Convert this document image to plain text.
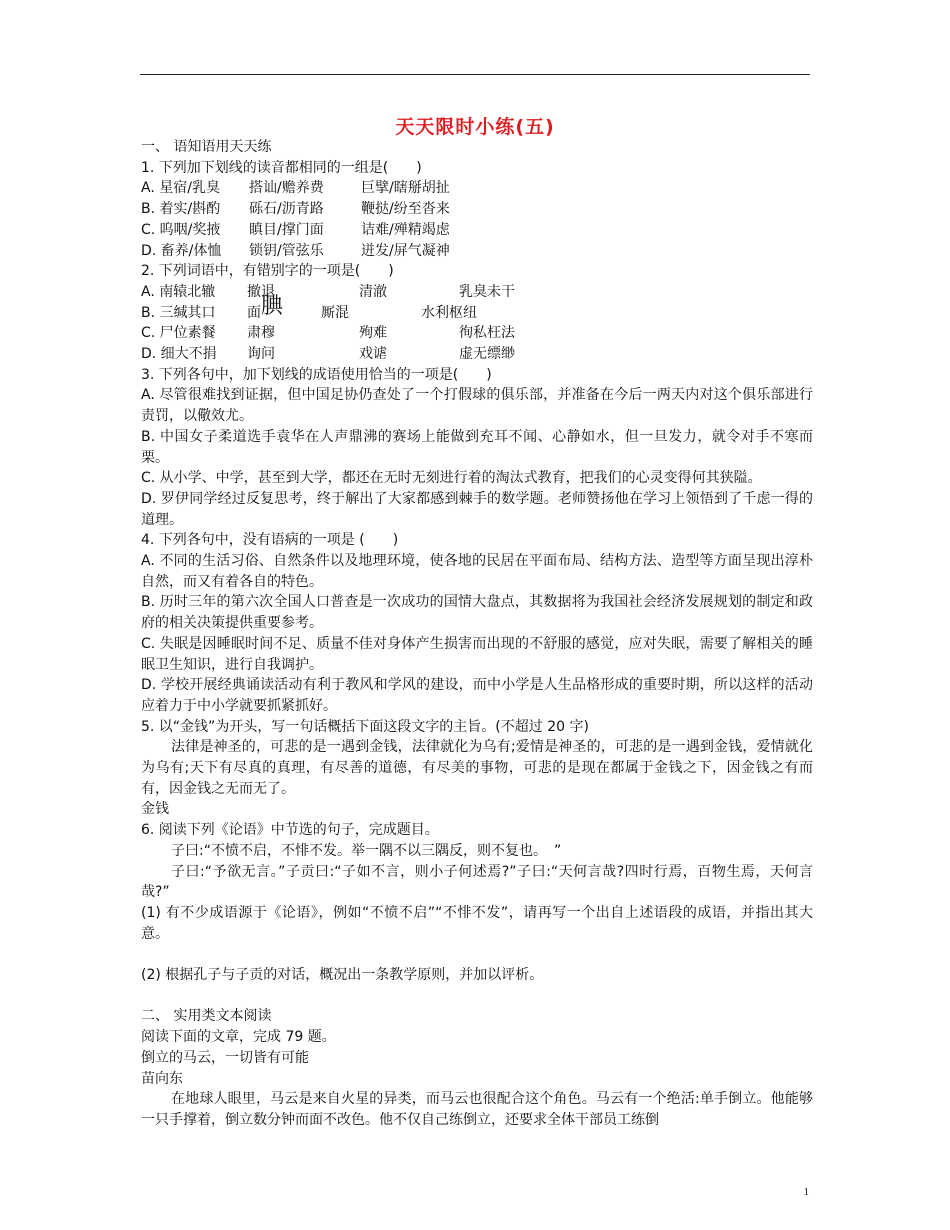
天天限时小练(五)

一、 语知语用天天练

1. 下列加下划线的读音都相同的一组是(　　)

A. 星宿/乳臭 搭讪/赡养费	巨擘/瞎掰胡扯

B. 着实/斟酌 砾石/沥青路	鞭挞/纷至沓来

C. 呜咽/奖掖 瞋目/撑门面	诘难/殚精竭虑

D. 畜养/体恤 锁钥/管弦乐	迸发/屏气凝神

2. 下列词语中，有错别字的一项是(　　)

A. 南辕北辙 撤退	清澈	乳臭未干

B. 三缄其口 面腆	厮混	水利枢纽

C. 尸位素餐 肃穆	殉难	徇私枉法

D. 细大不捐 询问	戏谑	虚无缥缈

3. 下列各句中，加下划线的成语使用恰当的一项是(　　)

A. 尽管很难找到证据，但中国足协仍查处了一个打假球的俱乐部，并准备在今后一两天内对这个俱乐部进行责罚，以儆效尤。

B. 中国女子柔道选手袁华在人声鼎沸的赛场上能做到充耳不闻、心静如水，但一旦发力，就令对手不寒而栗。

C. 从小学、中学，甚至到大学，都还在无时无刻进行着的淘汰式教育，把我们的心灵变得何其狭隘。

D. 罗伊同学经过反复思考，终于解出了大家都感到棘手的数学题。老师赞扬他在学习上领悟到了千虑一得的道理。

4. 下列各句中，没有语病的一项是 (　　)

A. 不同的生活习俗、自然条件以及地理环境，使各地的民居在平面布局、结构方法、造型等方面呈现出淳朴自然，而又有着各自的特色。

B. 历时三年的第六次全国人口普查是一次成功的国情大盘点，其数据将为我国社会经济发展规划的制定和政府的相关决策提供重要参考。

C. 失眠是因睡眠时间不足、质量不佳对身体产生损害而出现的不舒服的感觉，应对失眠，需要了解相关的睡眠卫生知识，进行自我调护。

D. 学校开展经典诵读活动有利于教风和学风的建设，而中小学是人生品格形成的重要时期，所以这样的活动应着力于中小学就要抓紧抓好。

5. 以“金钱”为开头，写一句话概括下面这段文字的主旨。(不超过 20 字)

法律是神圣的，可悲的是一遇到金钱，法律就化为乌有;爱情是神圣的，可悲的是一遇到金钱，爱情就化为乌有;天下有尽真的真理，有尽善的道德，有尽美的事物，可悲的是现在都属于金钱之下，因金钱之有而有，因金钱之无而无了。

金钱

6. 阅读下列《论语》中节选的句子，完成题目。

子曰:“不愤不启，不悱不发。举一隅不以三隅反，则不复也。　”

子曰:“予欲无言。”子贡曰:“子如不言，则小子何述焉?”子曰:“天何言哉?四时行焉，百物生焉，天何言哉?”

(1) 有不少成语源于《论语》，例如“不愤不启”“不悱不发”，请再写一个出自上述语段的成语，并指出其大意。

(2) 根据孔子与子贡的对话，概况出一条教学原则，并加以评析。

二、 实用类文本阅读

阅读下面的文章，完成 79 题。

倒立的马云，一切皆有可能

苗向东

在地球人眼里，马云是来自火星的异类，而马云也很配合这个角色。马云有一个绝活:单手倒立。他能够一只手撑着，倒立数分钟而面不改色。他不仅自己练倒立，还要求全体干部员工练倒

1
